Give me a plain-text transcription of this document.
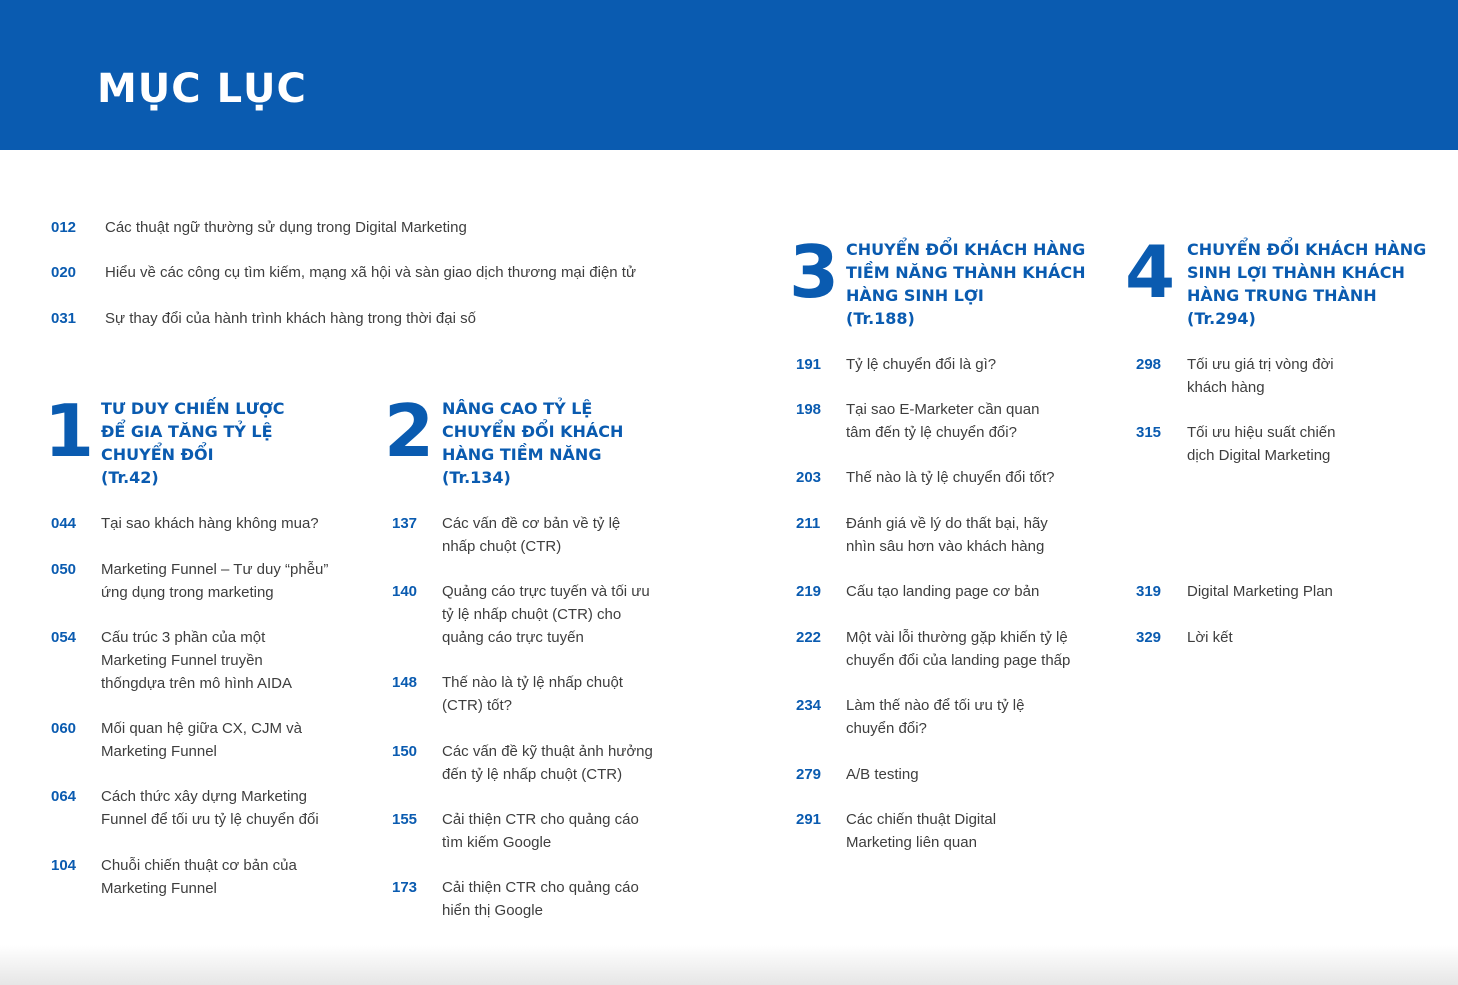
MỤC LỤC
012	Các thuật ngữ thường sử dụng trong Digital Marketing
020	Hiểu về các công cụ tìm kiếm, mạng xã hội và sàn giao dịch thương mại điện tử
031	Sự thay đổi của hành trình khách hàng trong thời đại số
1 TƯ DUY CHIẾN LƯỢC
ĐỂ GIA TĂNG TỶ LỆ
CHUYỂN ĐỔI
(Tr.42)
044	Tại sao khách hàng không mua?
050	Marketing Funnel – Tư duy “phễu”
ứng dụng trong marketing
054	Cấu trúc 3 phần của một
Marketing Funnel truyền
thốngdựa trên mô hình AIDA
060	Mối quan hệ giữa CX, CJM và
Marketing Funnel
064	Cách thức xây dựng Marketing
Funnel để tối ưu tỷ lệ chuyển đổi
104	Chuỗi chiến thuật cơ bản của
Marketing Funnel
2 NÂNG CAO TỶ LỆ
CHUYỂN ĐỔI KHÁCH
HÀNG TIỀM NĂNG
(Tr.134)
137	Các vấn đề cơ bản về tỷ lệ
nhấp chuột (CTR)
140	Quảng cáo trực tuyến và tối ưu
tỷ lệ nhấp chuột (CTR) cho
quảng cáo trực tuyến
148	Thế nào là tỷ lệ nhấp chuột
(CTR) tốt?
150	Các vấn đề kỹ thuật ảnh hưởng
đến tỷ lệ nhấp chuột (CTR)
155	Cải thiện CTR cho quảng cáo
tìm kiếm Google
173	Cải thiện CTR cho quảng cáo
hiển thị Google
3 CHUYỂN ĐỔI KHÁCH HÀNG
TIỀM NĂNG THÀNH KHÁCH
HÀNG SINH LỢI
(Tr.188)
191	Tỷ lệ chuyển đổi là gì?
198	Tại sao E-Marketer cần quan
tâm đến tỷ lệ chuyển đổi?
203	Thế nào là tỷ lệ chuyển đổi tốt?
211	Đánh giá về lý do thất bại, hãy
nhìn sâu hơn vào khách hàng
219	Cấu tạo landing page cơ bản
222	Một vài lỗi thường gặp khiến tỷ lệ
chuyển đổi của landing page thấp
234	Làm thế nào để tối ưu tỷ lệ
chuyển đổi?
279	A/B testing
291	Các chiến thuật Digital
Marketing liên quan
4 CHUYỂN ĐỔI KHÁCH HÀNG
SINH LỢI THÀNH KHÁCH
HÀNG TRUNG THÀNH
(Tr.294)
298	Tối ưu giá trị vòng đời
khách hàng
315	Tối ưu hiệu suất chiến
dịch Digital Marketing
319	Digital Marketing Plan
329	Lời kết
